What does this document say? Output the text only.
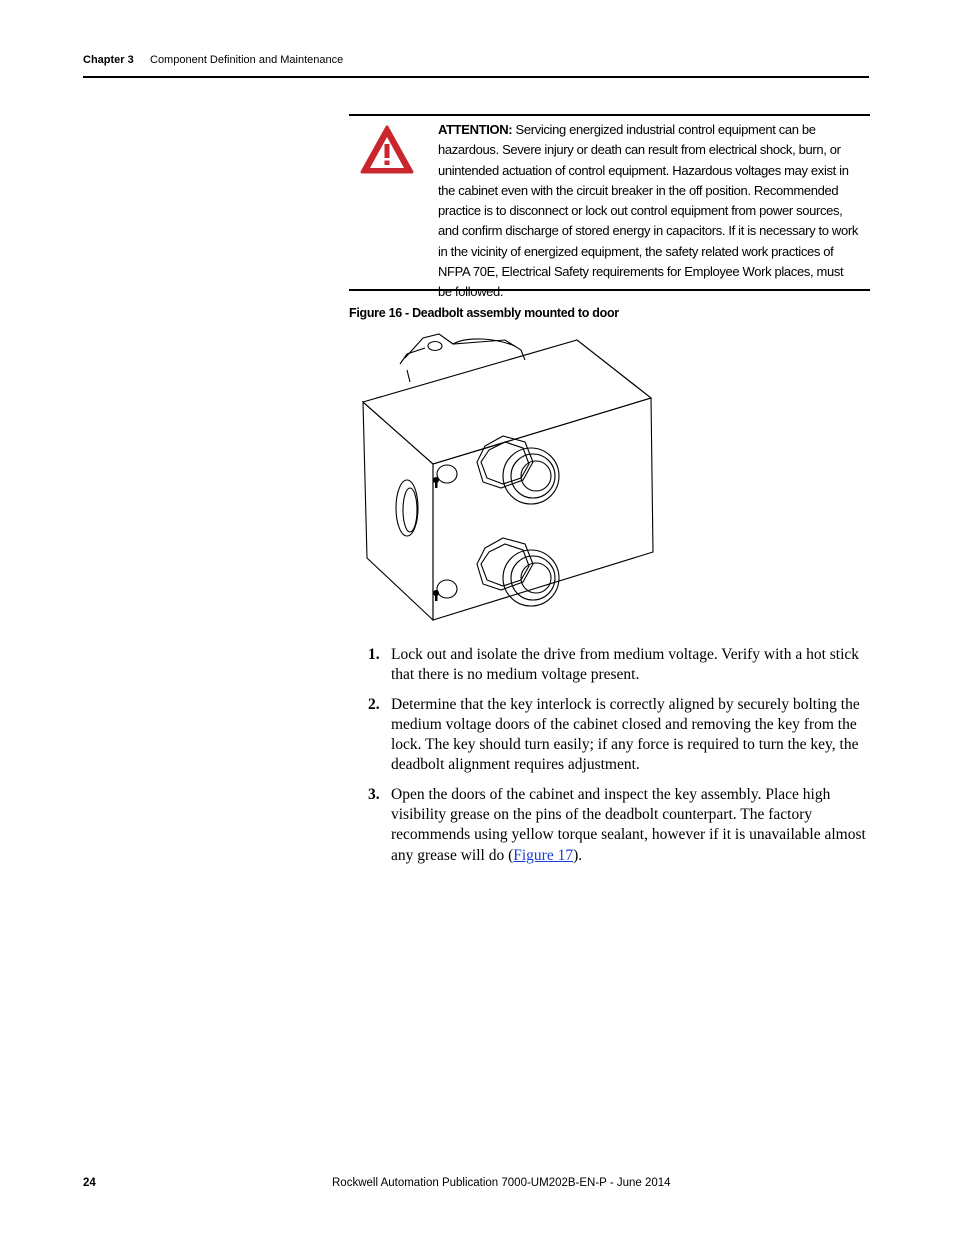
Chapter 3 Component Definition and Maintenance
ATTENTION: Servicing energized industrial control equipment can be hazardous. Severe injury or death can result from electrical shock, burn, or unintended actuation of control equipment. Hazardous voltages may exist in the cabinet even with the circuit breaker in the off position. Recommended practice is to disconnect or lock out control equipment from power sources, and confirm discharge of stored energy in capacitors. If it is necessary to work in the vicinity of energized equipment, the safety related work practices of NFPA 70E, Electrical Safety requirements for Employee Work places, must be followed.
Figure 16 - Deadbolt assembly mounted to door
1. Lock out and isolate the drive from medium voltage. Verify with a hot stick that there is no medium voltage present.
2. Determine that the key interlock is correctly aligned by securely bolting the medium voltage doors of the cabinet closed and removing the key from the lock. The key should turn easily; if any force is required to turn the key, the deadbolt alignment requires adjustment.
3. Open the doors of the cabinet and inspect the key assembly. Place high visibility grease on the pins of the deadbolt counterpart. The factory recommends using yellow torque sealant, however if it is unavailable almost any grease will do (Figure 17).
24	Rockwell Automation Publication 7000-UM202B-EN-P - June 2014
